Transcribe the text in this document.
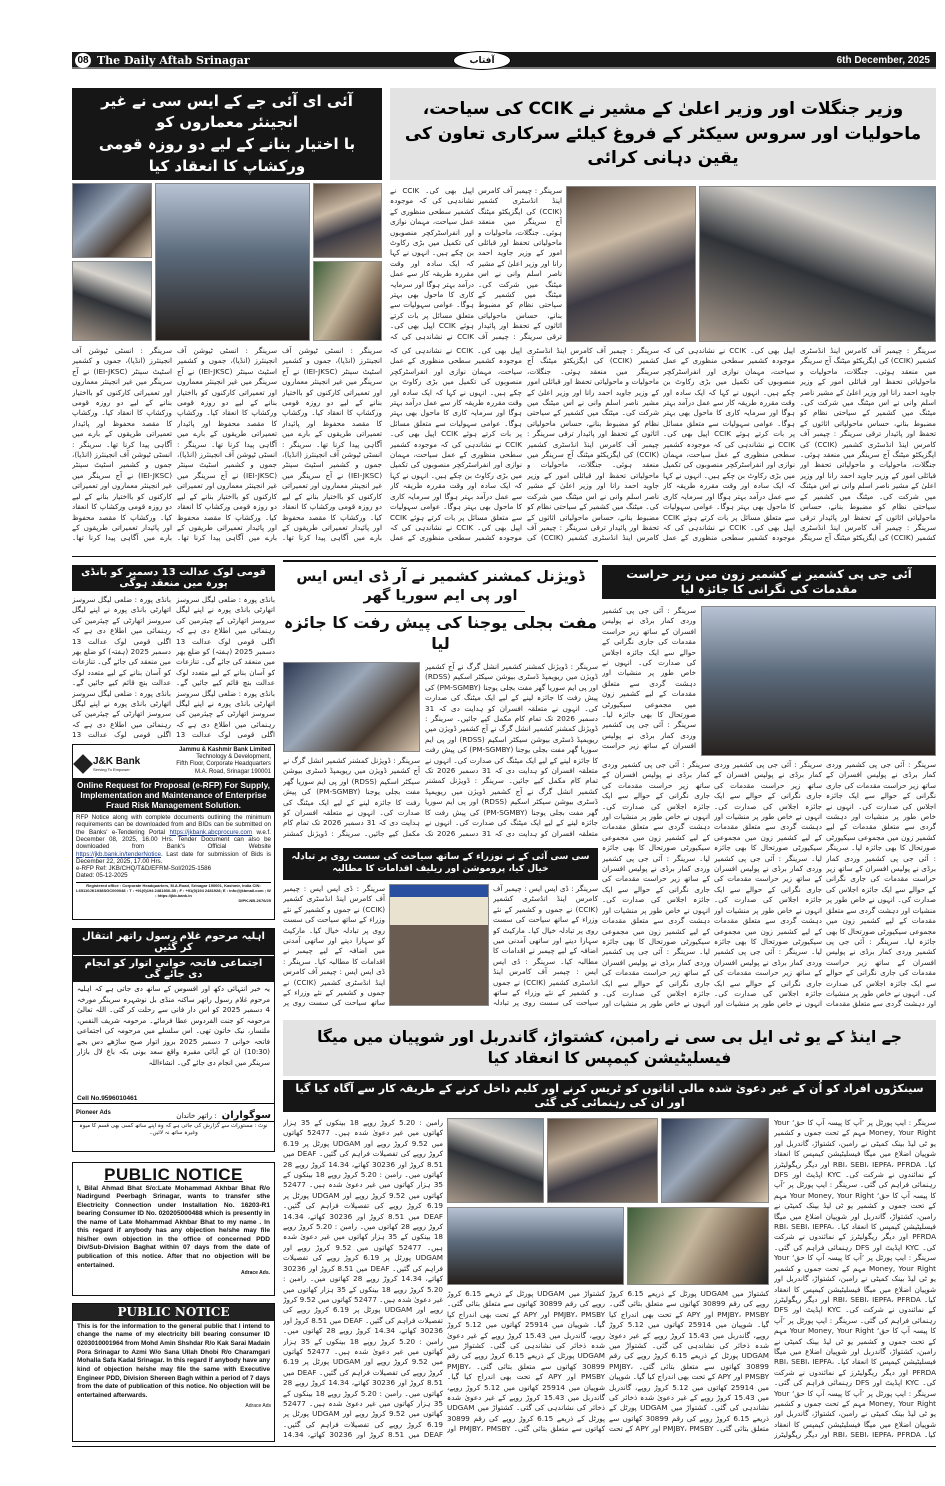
08 The Daily Aftab Srinagar	آفتاب	6th December, 2025
آئی ای آئی جے کے ایس سی نے غیر انجینئر معماروں کو
با اختیار بنانے کے لیے دو روزہ قومی ورکشاپ کا انعقاد کیا
سرینگر : انسٹی ٹیوشن آف انجینئرز (انڈیا)، جموں و کشمیر اسٹیٹ سینٹر (IEI-JKSC) نے آج سرینگر میں غیر انجینئر معماروں اور تعمیراتی کارکنوں کو بااختیار بنانے کے لیے دو روزہ قومی ورکشاپ کا انعقاد کیا۔ ورکشاپ کا مقصد محفوظ اور پائیدار تعمیراتی طریقوں کے بارے میں آگاہی پیدا کرنا تھا۔ سرینگر : انسٹی ٹیوشن آف انجینئرز (انڈیا)، جموں و کشمیر اسٹیٹ سینٹر (IEI-JKSC) نے آج سرینگر میں غیر انجینئر معماروں اور تعمیراتی کارکنوں کو بااختیار بنانے کے لیے دو روزہ قومی ورکشاپ کا انعقاد کیا۔ ورکشاپ کا مقصد محفوظ اور پائیدار تعمیراتی طریقوں کے بارے میں آگاہی پیدا کرنا تھا۔
سرینگر : انسٹی ٹیوشن آف انجینئرز (انڈیا)، جموں و کشمیر اسٹیٹ سینٹر (IEI-JKSC) نے آج سرینگر میں غیر انجینئر معماروں اور تعمیراتی کارکنوں کو بااختیار بنانے کے لیے دو روزہ قومی ورکشاپ کا انعقاد کیا۔ ورکشاپ کا مقصد محفوظ اور پائیدار تعمیراتی طریقوں کے بارے میں آگاہی پیدا کرنا تھا۔ سرینگر : انسٹی ٹیوشن آف انجینئرز (انڈیا)، جموں و کشمیر اسٹیٹ سینٹر (IEI-JKSC) نے آج سرینگر میں غیر انجینئر معماروں اور تعمیراتی کارکنوں کو بااختیار بنانے کے لیے دو روزہ قومی ورکشاپ کا انعقاد کیا۔ ورکشاپ کا مقصد محفوظ اور پائیدار تعمیراتی طریقوں کے بارے میں آگاہی پیدا کرنا تھا۔
سرینگر : انسٹی ٹیوشن آف انجینئرز (انڈیا)، جموں و کشمیر اسٹیٹ سینٹر (IEI-JKSC) نے آج سرینگر میں غیر انجینئر معماروں اور تعمیراتی کارکنوں کو بااختیار بنانے کے لیے دو روزہ قومی ورکشاپ کا انعقاد کیا۔ ورکشاپ کا مقصد محفوظ اور پائیدار تعمیراتی طریقوں کے بارے میں آگاہی پیدا کرنا تھا۔ سرینگر : انسٹی ٹیوشن آف انجینئرز (انڈیا)، جموں و کشمیر اسٹیٹ سینٹر (IEI-JKSC) نے آج سرینگر میں غیر انجینئر معماروں اور تعمیراتی کارکنوں کو بااختیار بنانے کے لیے دو روزہ قومی ورکشاپ کا انعقاد کیا۔ ورکشاپ کا مقصد محفوظ اور پائیدار تعمیراتی طریقوں کے بارے میں آگاہی پیدا کرنا تھا۔
وزیر جنگلات اور وزیر اعلیٰ کے مشیر نے CCIK کی سیاحت،
ماحولیات اور سروس سیکٹر کے فروغ کیلئے سرکاری تعاون کی یقین دہانی کرائی
سرینگر : چیمبر آف کامرس اینڈ انڈسٹری کشمیر (CCIK) کی ایگزیکٹو میٹنگ آج سرینگر میں منعقد ہوئی۔ جنگلات، ماحولیات و ماحولیاتی تحفظ اور قبائلی امور کے وزیر جاوید احمد رانا اور وزیر اعلیٰ کے مشیر ناصر اسلم وانی نے اس میٹنگ میں شرکت کی۔ میٹنگ میں کشمیر کے سیاحتی نظام کو مضبوط بنانے، حساس ماحولیاتی اثاثوں کے تحفظ اور پائیدار ترقی سرینگر : چیمبر آف
اپیل بھی کی۔ CCIK نے نشاندہی کی کہ موجودہ کشمیر سطحی منظوری کے عمل سیاحت، مہمان نوازی اور انفراسٹرکچر منصوبوں کی تکمیل میں بڑی رکاوٹ بن چکے ہیں۔ انہوں نے کہا کہ ایک سادہ اور وقت مقررہ طریقہ کار سے عمل درآمد بہتر ہوگا اور سرمایہ کاری کا ماحول بھی بہتر ہوگا۔ عوامی سہولیات سے متعلق مسائل پر بات کرتے ہوئے CCIK اپیل بھی کی۔ CCIK نے نشاندہی کی کہ
سرینگر : چیمبر آف کامرس اینڈ انڈسٹری کشمیر (CCIK) کی ایگزیکٹو میٹنگ آج سرینگر میں منعقد ہوئی۔ جنگلات، ماحولیات و ماحولیاتی تحفظ اور قبائلی امور کے وزیر جاوید احمد رانا اور وزیر اعلیٰ کے مشیر ناصر اسلم وانی نے اس میٹنگ میں شرکت کی۔ میٹنگ میں کشمیر کے سیاحتی نظام کو مضبوط بنانے، حساس ماحولیاتی اثاثوں کے تحفظ اور پائیدار ترقی سرینگر : چیمبر آف کامرس اینڈ انڈسٹری کشمیر (CCIK) کی ایگزیکٹو میٹنگ آج سرینگر میں منعقد ہوئی۔ جنگلات، ماحولیات و ماحولیاتی تحفظ اور قبائلی امور کے وزیر جاوید احمد رانا اور وزیر اعلیٰ کے مشیر ناصر اسلم وانی نے اس میٹنگ میں شرکت کی۔ میٹنگ میں کشمیر کے سیاحتی نظام کو مضبوط بنانے، حساس ماحولیاتی اثاثوں کے تحفظ اور پائیدار ترقی سرینگر : چیمبر آف کامرس اینڈ انڈسٹری کشمیر (CCIK) کی ایگزیکٹو میٹنگ آج سرینگر
اپیل بھی کی۔ CCIK نے نشاندہی کی کہ موجودہ کشمیر سطحی منظوری کے عمل سیاحت، مہمان نوازی اور انفراسٹرکچر منصوبوں کی تکمیل میں بڑی رکاوٹ بن چکے ہیں۔ انہوں نے کہا کہ ایک سادہ اور وقت مقررہ طریقہ کار سے عمل درآمد بہتر ہوگا اور سرمایہ کاری کا ماحول بھی بہتر ہوگا۔ عوامی سہولیات سے متعلق مسائل پر بات کرتے ہوئے CCIK اپیل بھی کی۔ CCIK نے نشاندہی کی کہ موجودہ کشمیر سطحی منظوری کے عمل سیاحت، مہمان نوازی اور انفراسٹرکچر منصوبوں کی تکمیل میں بڑی رکاوٹ بن چکے ہیں۔ انہوں نے کہا کہ ایک سادہ اور وقت مقررہ طریقہ کار سے عمل درآمد بہتر ہوگا اور سرمایہ کاری کا ماحول بھی بہتر ہوگا۔ عوامی سہولیات سے متعلق مسائل پر بات کرتے ہوئے CCIK اپیل بھی کی۔ CCIK نے نشاندہی کی کہ موجودہ کشمیر سطحی منظوری کے عمل
سرینگر : چیمبر آف کامرس اینڈ انڈسٹری کشمیر (CCIK) کی ایگزیکٹو میٹنگ آج سرینگر میں منعقد ہوئی۔ جنگلات، ماحولیات و ماحولیاتی تحفظ اور قبائلی امور کے وزیر جاوید احمد رانا اور وزیر اعلیٰ کے مشیر ناصر اسلم وانی نے اس میٹنگ میں شرکت کی۔ میٹنگ میں کشمیر کے سیاحتی نظام کو مضبوط بنانے، حساس ماحولیاتی اثاثوں کے تحفظ اور پائیدار ترقی سرینگر : چیمبر آف کامرس اینڈ انڈسٹری کشمیر (CCIK) کی ایگزیکٹو میٹنگ آج سرینگر میں منعقد ہوئی۔ جنگلات، ماحولیات و ماحولیاتی تحفظ اور قبائلی امور کے وزیر جاوید احمد رانا اور وزیر اعلیٰ کے مشیر ناصر اسلم وانی نے اس میٹنگ میں شرکت کی۔ میٹنگ میں کشمیر کے سیاحتی نظام کو مضبوط بنانے، حساس ماحولیاتی اثاثوں کے تحفظ اور پائیدار ترقی سرینگر : چیمبر آف کامرس اینڈ انڈسٹری کشمیر (CCIK) کی
اپیل بھی کی۔ CCIK نے نشاندہی کی کہ موجودہ کشمیر سطحی منظوری کے عمل سیاحت، مہمان نوازی اور انفراسٹرکچر منصوبوں کی تکمیل میں بڑی رکاوٹ بن چکے ہیں۔ انہوں نے کہا کہ ایک سادہ اور وقت مقررہ طریقہ کار سے عمل درآمد بہتر ہوگا اور سرمایہ کاری کا ماحول بھی بہتر ہوگا۔ عوامی سہولیات سے متعلق مسائل پر بات کرتے ہوئے CCIK اپیل بھی کی۔ CCIK نے نشاندہی کی کہ موجودہ کشمیر سطحی منظوری کے عمل سیاحت، مہمان نوازی اور انفراسٹرکچر منصوبوں کی تکمیل میں بڑی رکاوٹ بن چکے ہیں۔ انہوں نے کہا کہ ایک سادہ اور وقت مقررہ طریقہ کار سے عمل درآمد بہتر ہوگا اور سرمایہ کاری کا ماحول بھی بہتر ہوگا۔ عوامی سہولیات سے متعلق مسائل پر بات کرتے ہوئے CCIK اپیل بھی کی۔ CCIK نے نشاندہی کی کہ موجودہ کشمیر سطحی منظوری کے عمل
قومی لوک عدالت 13 دسمبر کو بانڈی پورہ میں منعقد ہوگی
بانڈی پورہ : ضلعی لیگل سروسز اتھارٹی بانڈی پورہ نے اپنے لیگل سروسز اتھارٹی کے چیئرمین کی رہنمائی میں اطلاع دی ہے کہ اگلی قومی لوک عدالت 13 دسمبر 2025 (ہفتہ) کو ضلع بھر میں منعقد کی جائے گی۔ تنازعات کو آسان بنانے کے لیے متعدد لوک عدالت بنچ قائم کیے جائیں گے۔ بانڈی پورہ : ضلعی لیگل سروسز اتھارٹی بانڈی پورہ نے اپنے لیگل سروسز اتھارٹی کے چیئرمین کی رہنمائی میں اطلاع دی ہے کہ اگلی قومی لوک عدالت 13
بانڈی پورہ : ضلعی لیگل سروسز اتھارٹی بانڈی پورہ نے اپنے لیگل سروسز اتھارٹی کے چیئرمین کی رہنمائی میں اطلاع دی ہے کہ اگلی قومی لوک عدالت 13 دسمبر 2025 (ہفتہ) کو ضلع بھر میں منعقد کی جائے گی۔ تنازعات کو آسان بنانے کے لیے متعدد لوک عدالت بنچ قائم کیے جائیں گے۔ بانڈی پورہ : ضلعی لیگل سروسز اتھارٹی بانڈی پورہ نے اپنے لیگل سروسز اتھارٹی کے چیئرمین کی رہنمائی میں اطلاع دی ہے کہ اگلی قومی لوک عدالت 13
J&K Bank
Serving To Empower
Jammu & Kashmir Bank Limited
Technology & Development,
Fifth Floor, Corporate Headquarters
M.A. Road, Srinagar 190001
Online Request for Proposal (e-RFP) For Supply, Implementation and Maintenance of Enterprise Fraud Risk Management Solution.
RFP Notice along with complete documents outlining the minimum requirements can be downloaded from and BIDs can be submitted on the Banks' e-Tendering Portal https://jkbank.abcprocure.com w.e.f. December 08, 2025, 16.00 Hrs. Tender Document can also be downloaded from Bank's Official Website https://jkb.bank.in/tenderNotice. Last date for submission of Bids is December 22, 2025, 17.00 Hrs.
e-RFP Ref: JKB/CHQ/T&D/EFRM-Sol/2025-1586
Dated: 05-12-2025
Registered office : Corporate Headquarters, M.A.Road, Srinagar 190001, Kashmir, India CIN: L65110JK1938SGC000048 : T : +91(0)194 2481930-35 ; F : +91(0)194 2481928; E : info@jkbmail.com ; W : https://jkb.bank.in
DIPK-NB-2676/25
اہلیہ مرحوم غلام رسول راتھر انتقال کر گئیں
اجتماعی فاتحہ خوانی اتوار کو انجام دی جائے گی
یہ خبر انتہائی دکھ اور افسوس کے ساتھ دی جاتی ہے کہ اہلیہ مرحوم غلام رسول راتھر ساکنہ منڈی بل نوشہرہ سرینگر مورخہ 4 دسمبر 2025 کو اس دار فانی سے رحلت کر گئی۔ اللہ تعالیٰ مرحومہ کو جنت الفردوس عطا فرمائے۔ مرحومہ شریف النفس، ملنسار، نیک خاتون تھی۔ اس سلسلے میں مرحومہ کی اجتماعی فاتحہ خوانی 7 دسمبر 2025 بروز اتوار صبح ساڑھے دس بجے (10:30) ان کے آبائی مقبرہ واقع سعد بونی بکہ باغ لال بازار سرینگر میں انجام دی جائے گی۔ انشاءاللہ
Cell No.9596010461
Pioneer Ads	سوگواران : راتھر خاندان
نوٹ : مستورات سے گزارش کی جاتی ہے کہ وہ اپنے ساتھ کسی بھی قسم کا میوہ وغیرہ ساتھ نہ لائیں۔
PUBLIC NOTICE
I, Bilal Ahmad Bhat S/o:Late Mohammad Akhbar Bhat R/o Nadirgund Peerbagh Srinagar, wants to transfer sthe Electricity Connection under Installation No. 16203-R1 bearing Consumer ID No. 020205000488 which is presently in the name of Late Mohammad Akhbar Bhat to my name . In this regard if anybody has any objection he/she may file his/her own objection in the office of concerned PDD Div/Sub-Division Baghat within 07 days from the date of publication of this notice. After that no objection will be entertained.
Adrace Ads.
PUBLIC NOTICE
This is for the information to the general public that I intend to change the name of my electricity bill bearing consumer ID 0203010001964 from Mohd Amin Shshdar R/o Kak Sarai Madain Pora Srinagar to Azmi W/o Sana Ullah Dhobi R/o Charamgari Mohalla Safa Kadal Srinagar. In this regard if anybody have any kind of objection he/she may file the same with Executive Engineer PDD, Division Shereen Bagh within a period of 7 days from the date of publication of this notice. No objection will be entertained afterwards.
Adrace Ads
ڈویژنل کمشنر کشمیر نے آر ڈی ایس ایس اور پی ایم سوریا گھر
مفت بجلی یوجنا کی پیش رفت کا جائزہ لیا
سرینگر : ڈویژنل کمشنر کشمیر انشل گرگ نے آج کشمیر ڈویژن میں ریویمپڈ ڈسٹری بیوشن سیکٹر اسکیم (RDSS) اور پی ایم سوریا گھر مفت بجلی یوجنا (PM-SGMBY) کی پیش رفت کا جائزہ لینے کے لیے ایک میٹنگ کی صدارت کی۔ انہوں نے متعلقہ افسران کو ہدایت دی کہ 31 دسمبر 2026 تک تمام کام مکمل کیے جائیں۔ سرینگر : ڈویژنل کمشنر کشمیر انشل گرگ نے آج کشمیر ڈویژن میں ریویمپڈ ڈسٹری بیوشن سیکٹر اسکیم (RDSS) اور پی ایم سوریا گھر مفت بجلی یوجنا (PM-SGMBY) کی پیش رفت کا جائزہ لینے کے لیے ایک میٹنگ کی صدارت کی۔ انہوں نے متعلقہ افسران کو ہدایت دی کہ 31 دسمبر 2026 تک تمام کام مکمل کیے جائیں۔ سرینگر : ڈویژنل کمشنر کشمیر انشل گرگ نے آج کشمیر ڈویژن میں ریویمپڈ ڈسٹری بیوشن سیکٹر اسکیم (RDSS) اور پی ایم سوریا گھر مفت بجلی یوجنا (PM-SGMBY) کی پیش رفت کا جائزہ لینے کے لیے ایک میٹنگ کی صدارت کی۔ انہوں نے متعلقہ افسران کو ہدایت دی کہ 31 دسمبر 2026 تک
سرینگر : ڈویژنل کمشنر کشمیر انشل گرگ نے آج کشمیر ڈویژن میں ریویمپڈ ڈسٹری بیوشن سیکٹر اسکیم (RDSS) اور پی ایم سوریا گھر مفت بجلی یوجنا (PM-SGMBY) کی پیش رفت کا جائزہ لینے کے لیے ایک میٹنگ کی صدارت کی۔ انہوں نے متعلقہ افسران کو ہدایت دی کہ 31 دسمبر 2026 تک تمام کام مکمل کیے جائیں۔ سرینگر : ڈویژنل کمشنر
آئی جی پی کشمیر نے کشمیر زون میں زیر حراست مقدمات کی نگرانی کا جائزہ لیا
سرینگر : آئی جی پی کشمیر وردی کمار برڈی نے پولیس افسران کے ساتھ زیر حراست مقدمات کی جاری نگرانی کے حوالے سے ایک جائزہ اجلاس کی صدارت کی۔ انہوں نے خاص طور پر منشیات اور دہشت گردی سے متعلق مقدمات کے لیے کشمیر زون میں مجموعی سیکیورٹی صورتحال کا بھی جائزہ لیا۔ سرینگر : آئی جی پی کشمیر وردی کمار برڈی نے پولیس افسران کے ساتھ زیر حراست
سرینگر : آئی جی پی کشمیر وردی کمار برڈی نے پولیس افسران کے ساتھ زیر حراست مقدمات کی جاری نگرانی کے حوالے سے ایک جائزہ اجلاس کی صدارت کی۔ انہوں نے خاص طور پر منشیات اور دہشت گردی سے متعلق مقدمات کے لیے کشمیر زون میں مجموعی سیکیورٹی صورتحال کا بھی جائزہ لیا۔ سرینگر : آئی جی پی کشمیر وردی کمار برڈی نے پولیس افسران کے ساتھ زیر حراست مقدمات کی جاری نگرانی کے حوالے سے ایک جائزہ اجلاس کی صدارت کی۔ انہوں نے خاص طور پر منشیات اور دہشت گردی سے متعلق مقدمات کے لیے کشمیر زون میں مجموعی سیکیورٹی صورتحال کا بھی جائزہ لیا۔ سرینگر : آئی جی پی کشمیر وردی کمار برڈی نے پولیس افسران کے ساتھ زیر حراست مقدمات کی جاری نگرانی کے حوالے سے ایک جائزہ اجلاس کی صدارت کی۔ انہوں نے خاص طور پر منشیات اور دہشت گردی سے متعلق مقدمات
سرینگر : آئی جی پی کشمیر وردی کمار برڈی نے پولیس افسران کے ساتھ زیر حراست مقدمات کی جاری نگرانی کے حوالے سے ایک جائزہ اجلاس کی صدارت کی۔ انہوں نے خاص طور پر منشیات اور دہشت گردی سے متعلق مقدمات کے لیے کشمیر زون میں مجموعی سیکیورٹی صورتحال کا بھی جائزہ لیا۔ سرینگر : آئی جی پی کشمیر وردی کمار برڈی نے پولیس افسران کے ساتھ زیر حراست مقدمات کی جاری نگرانی کے حوالے سے ایک جائزہ اجلاس کی صدارت کی۔ انہوں نے خاص طور پر منشیات اور دہشت گردی سے متعلق مقدمات کے لیے کشمیر زون میں مجموعی سیکیورٹی صورتحال کا بھی جائزہ لیا۔ سرینگر : آئی جی پی کشمیر وردی کمار برڈی نے پولیس افسران کے ساتھ زیر حراست مقدمات کی جاری نگرانی کے حوالے سے ایک جائزہ اجلاس کی صدارت کی۔ انہوں نے خاص طور پر منشیات اور
سرینگر : آئی جی پی کشمیر وردی کمار برڈی نے پولیس افسران کے ساتھ زیر حراست مقدمات کی جاری نگرانی کے حوالے سے ایک جائزہ اجلاس کی صدارت کی۔ انہوں نے خاص طور پر منشیات اور دہشت گردی سے متعلق مقدمات کے لیے کشمیر زون میں مجموعی سیکیورٹی صورتحال کا بھی جائزہ لیا۔ سرینگر : آئی جی پی کشمیر وردی کمار برڈی نے پولیس افسران کے ساتھ زیر حراست مقدمات کی جاری نگرانی کے حوالے سے ایک جائزہ اجلاس کی صدارت کی۔ انہوں نے خاص طور پر منشیات اور دہشت گردی سے متعلق مقدمات کے لیے کشمیر زون میں مجموعی سیکیورٹی صورتحال کا بھی جائزہ لیا۔ سرینگر : آئی جی پی کشمیر وردی کمار برڈی نے پولیس افسران کے ساتھ زیر حراست مقدمات کی جاری نگرانی کے حوالے سے ایک جائزہ اجلاس کی صدارت کی۔ انہوں نے خاص طور پر منشیات اور
سی سی آئی کے نے نوزراء کے ساتھ سیاحت کی سست روی پر تبادلہ خیال کیا، پروموشن اور ریلیف اقدامات کا مطالبہ
سرینگر : ڈی ایس ایس : چیمبر آف کامرس اینڈ انڈسٹری کشمیر (CCIK) نے جموں و کشمیر کے نئے وزراء کے ساتھ سیاحت کی سست روی پر تبادلہ خیال کیا۔ مارکیٹ کو سہارا دینے اور ساتھی آمدنی میں اضافہ کے لیے چیمبر نے اقدامات کا مطالبہ کیا۔ سرینگر : ڈی ایس ایس : چیمبر آف کامرس اینڈ انڈسٹری کشمیر (CCIK) نے جموں و کشمیر کے نئے وزراء کے ساتھ سیاحت کی سست روی پر
سرینگر : ڈی ایس ایس : چیمبر آف کامرس اینڈ انڈسٹری کشمیر (CCIK) نے جموں و کشمیر کے نئے وزراء کے ساتھ سیاحت کی سست روی پر تبادلہ خیال کیا۔ مارکیٹ کو سہارا دینے اور ساتھی آمدنی میں اضافہ کے لیے چیمبر نے اقدامات کا مطالبہ کیا۔ سرینگر : ڈی ایس ایس : چیمبر آف کامرس اینڈ انڈسٹری کشمیر (CCIK) نے جموں و کشمیر کے نئے وزراء کے ساتھ سیاحت کی سست روی پر تبادلہ
جے اینڈ کے یو ٹی ایل بی سی نے رامبن، کشتواڑ، گاندربل اور شوپیان میں میگا فیسلیٹیشن کیمپس کا انعقاد کیا
سینکڑوں افراد کو اُن کے غیر دعویٰ شدہ مالی اثاثوں کو ٹریس کرنے اور کلیم داخل کرنے کے طریقہ کار سے آگاہ کیا گیا اور ان کی رہنمائی کی گئی
سرینگر : ایپ پورٹل پر ’آپ کا پیسہ آپ کا حق‘ Your Money, Your Right مہم کے تحت جموں و کشمیر یو ٹی لیڈ بینک کمیٹی نے رامبن، کشتواڑ، گاندربل اور شوپیان اضلاع میں میگا فیسلیٹیشن کیمپس کا انعقاد کیا۔ RBI، SEBI، IEPFA، PFRDA اور دیگر ریگولیٹرز کے نمائندوں نے شرکت کی۔ KYC اپڈیٹ اور DFS رہنمائی فراہم کی گئی۔ سرینگر : ایپ پورٹل پر ’آپ کا پیسہ آپ کا حق‘ Your Money, Your Right مہم کے تحت جموں و کشمیر یو ٹی لیڈ بینک کمیٹی نے رامبن، کشتواڑ، گاندربل اور شوپیان اضلاع میں میگا فیسلیٹیشن کیمپس کا انعقاد کیا۔ RBI، SEBI، IEPFA، PFRDA اور دیگر ریگولیٹرز کے نمائندوں نے شرکت کی۔ KYC اپڈیٹ اور DFS رہنمائی فراہم کی گئی۔ سرینگر : ایپ پورٹل پر ’آپ کا پیسہ آپ کا حق‘ Your Money, Your Right مہم کے تحت جموں و کشمیر یو ٹی لیڈ بینک کمیٹی نے رامبن، کشتواڑ، گاندربل اور شوپیان اضلاع میں میگا فیسلیٹیشن کیمپس کا انعقاد کیا۔ RBI، SEBI، IEPFA، PFRDA اور دیگر ریگولیٹرز کے نمائندوں نے شرکت کی۔ KYC اپڈیٹ اور DFS رہنمائی فراہم کی گئی۔ سرینگر : ایپ پورٹل پر ’آپ کا پیسہ آپ کا حق‘ Your Money, Your Right مہم کے تحت جموں و کشمیر یو ٹی لیڈ بینک کمیٹی نے رامبن، کشتواڑ، گاندربل اور شوپیان اضلاع میں میگا فیسلیٹیشن کیمپس کا انعقاد کیا۔ RBI، SEBI، IEPFA، PFRDA اور دیگر ریگولیٹرز کے نمائندوں نے شرکت کی۔ KYC اپڈیٹ اور DFS رہنمائی فراہم کی گئی۔ سرینگر : ایپ پورٹل پر ’آپ کا پیسہ آپ کا حق‘ Your Money, Your Right مہم کے تحت جموں و کشمیر یو ٹی لیڈ بینک کمیٹی نے رامبن، کشتواڑ، گاندربل اور شوپیان اضلاع میں میگا فیسلیٹیشن کیمپس کا انعقاد کیا۔ RBI، SEBI، IEPFA، PFRDA اور دیگر ریگولیٹرز
کشتواڑ میں UDGAM پورٹل کے ذریعے 6.15 کروڑ روپے کی رقم 30899 کھاتوں سے متعلق بتائی گئی۔ PMJBY، PMSBY اور APY کے تحت بھی اندراج کیا گیا۔ شوپیان میں 25914 کھاتوں میں 5.12 کروڑ روپے، گاندربل میں 15.43 کروڑ روپے کے غیر دعویٰ شدہ ذخائر کی نشاندہی کی گئی۔ کشتواڑ میں UDGAM پورٹل کے ذریعے 6.15 کروڑ روپے کی رقم 30899 کھاتوں سے متعلق بتائی گئی۔ PMJBY، PMSBY اور APY کے تحت بھی اندراج کیا گیا۔ شوپیان میں 25914 کھاتوں میں 5.12 کروڑ روپے، گاندربل میں 15.43 کروڑ روپے کے غیر دعویٰ شدہ ذخائر کی نشاندہی کی گئی۔ کشتواڑ میں UDGAM پورٹل کے ذریعے 6.15 کروڑ روپے کی رقم 30899 کھاتوں سے متعلق بتائی گئی۔ PMJBY، PMSBY اور APY کے تحت
کشتواڑ میں UDGAM پورٹل کے ذریعے 6.15 کروڑ روپے کی رقم 30899 کھاتوں سے متعلق بتائی گئی۔ PMJBY، PMSBY اور APY کے تحت بھی اندراج کیا گیا۔ شوپیان میں 25914 کھاتوں میں 5.12 کروڑ روپے، گاندربل میں 15.43 کروڑ روپے کے غیر دعویٰ شدہ ذخائر کی نشاندہی کی گئی۔ کشتواڑ میں UDGAM پورٹل کے ذریعے 6.15 کروڑ روپے کی رقم 30899 کھاتوں سے متعلق بتائی گئی۔ PMJBY، PMSBY اور APY کے تحت بھی اندراج کیا گیا۔ شوپیان میں 25914 کھاتوں میں 5.12 کروڑ روپے، گاندربل میں 15.43 کروڑ روپے کے غیر دعویٰ شدہ ذخائر کی نشاندہی کی گئی۔ کشتواڑ میں UDGAM پورٹل کے ذریعے 6.15 کروڑ روپے کی رقم 30899 کھاتوں سے متعلق بتائی گئی۔ PMJBY، PMSBY اور
رامبن : 5.20 کروڑ روپے 18 بینکوں کے 35 ہزار کھاتوں میں غیر دعویٰ شدہ ہیں۔ 52477 کھاتوں میں 9.52 کروڑ روپے اور UDGAM پورٹل پر 6.19 کروڑ روپے کی تفصیلات فراہم کی گئیں۔ DEAF میں 8.51 کروڑ اور 30236 کھاتے، 14.34 کروڑ روپے 28 کھاتوں میں۔ رامبن : 5.20 کروڑ روپے 18 بینکوں کے 35 ہزار کھاتوں میں غیر دعویٰ شدہ ہیں۔ 52477 کھاتوں میں 9.52 کروڑ روپے اور UDGAM پورٹل پر 6.19 کروڑ روپے کی تفصیلات فراہم کی گئیں۔ DEAF میں 8.51 کروڑ اور 30236 کھاتے، 14.34 کروڑ روپے 28 کھاتوں میں۔ رامبن : 5.20 کروڑ روپے 18 بینکوں کے 35 ہزار کھاتوں میں غیر دعویٰ شدہ ہیں۔ 52477 کھاتوں میں 9.52 کروڑ روپے اور UDGAM پورٹل پر 6.19 کروڑ روپے کی تفصیلات فراہم کی گئیں۔ DEAF میں 8.51 کروڑ اور 30236 کھاتے، 14.34 کروڑ روپے 28 کھاتوں میں۔ رامبن : 5.20 کروڑ روپے 18 بینکوں کے 35 ہزار کھاتوں میں غیر دعویٰ شدہ ہیں۔ 52477 کھاتوں میں 9.52 کروڑ روپے اور UDGAM پورٹل پر 6.19 کروڑ روپے کی تفصیلات فراہم کی گئیں۔ DEAF میں 8.51 کروڑ اور 30236 کھاتے، 14.34 کروڑ روپے 28 کھاتوں میں۔ رامبن : 5.20 کروڑ روپے 18 بینکوں کے 35 ہزار کھاتوں میں غیر دعویٰ شدہ ہیں۔ 52477 کھاتوں میں 9.52 کروڑ روپے اور UDGAM پورٹل پر 6.19 کروڑ روپے کی تفصیلات فراہم کی گئیں۔ DEAF میں 8.51 کروڑ اور 30236 کھاتے، 14.34 کروڑ روپے 28 کھاتوں میں۔ رامبن : 5.20 کروڑ روپے 18 بینکوں کے 35 ہزار کھاتوں میں غیر دعویٰ شدہ ہیں۔ 52477 کھاتوں میں 9.52 کروڑ روپے اور UDGAM پورٹل پر 6.19 کروڑ روپے کی تفصیلات فراہم کی گئیں۔ DEAF میں 8.51 کروڑ اور 30236 کھاتے، 14.34
